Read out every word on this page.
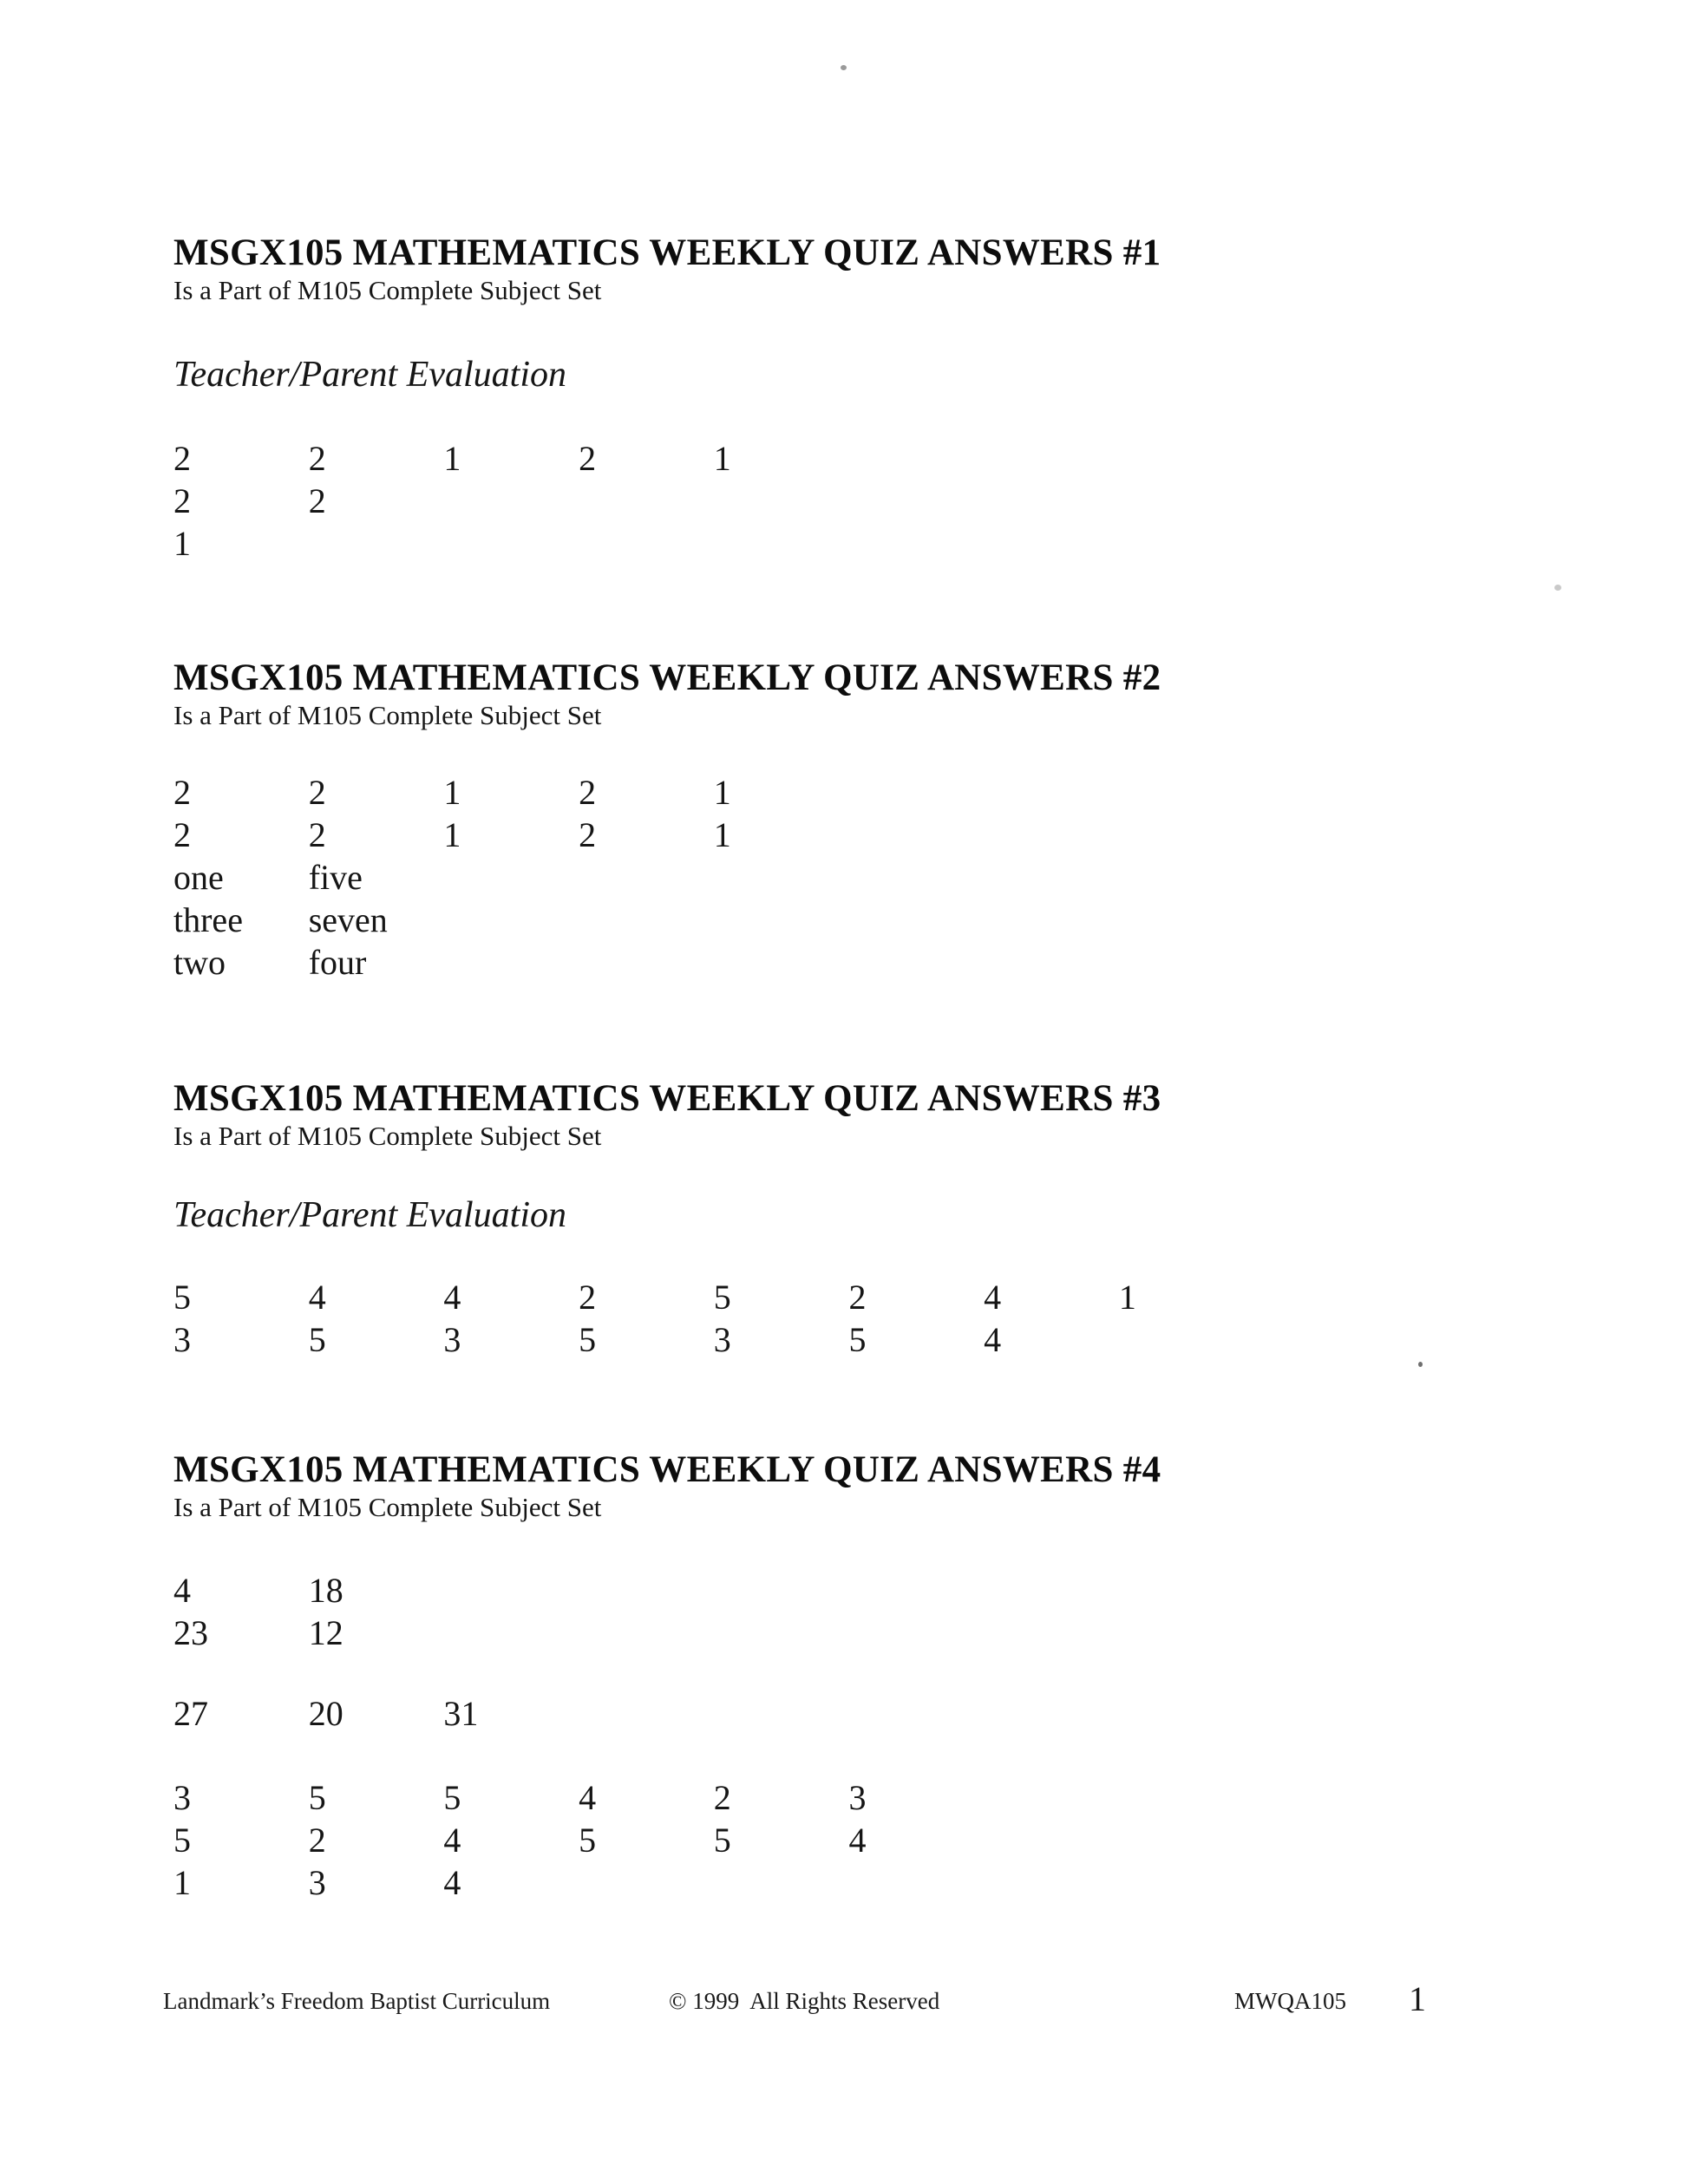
MSGX105 MATHEMATICS WEEKLY QUIZ ANSWERS #1
Is a Part of M105 Complete Subject Set
Teacher/Parent Evaluation
2	2	1	2	1
2	2
1
MSGX105 MATHEMATICS WEEKLY QUIZ ANSWERS #2
Is a Part of M105 Complete Subject Set
2	2	1	2	1
2	2	1	2	1
one five
three seven
two four
MSGX105 MATHEMATICS WEEKLY QUIZ ANSWERS #3
Is a Part of M105 Complete Subject Set
Teacher/Parent Evaluation
5	4	4	2	5	2	4	1
3	5	3	5	3	5	4
MSGX105 MATHEMATICS WEEKLY QUIZ ANSWERS #4
Is a Part of M105 Complete Subject Set
4	18
23	12
27	20	31
3	5	5	4	2	3
5	2	4	5	5	4
1	3	4
Landmark’s Freedom Baptist Curriculum	© 1999  All Rights Reserved	MWQA105 1
